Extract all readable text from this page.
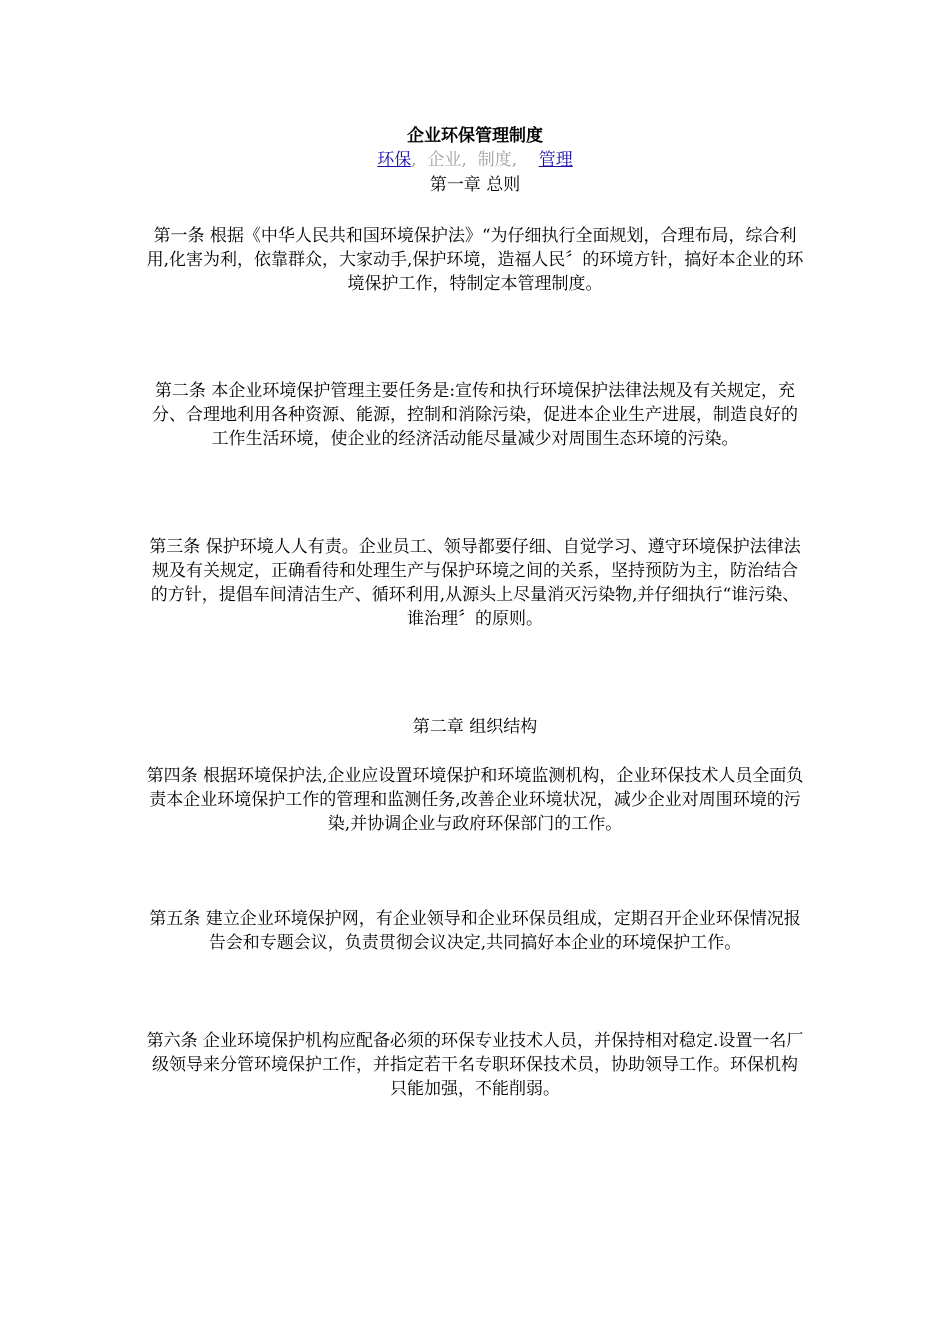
企业环保管理制度

环保, 企业, 制度, 管理

第一章 总则

第一条 根据《中华人民共和国环境保护法》“为仔细执行全面规划，合理布局，综合利用,化害为利，依靠群众，大家动手,保护环境，造福人民〞的环境方针，搞好本企业的环境保护工作，特制定本管理制度。

第二条 本企业环境保护管理主要任务是:宣传和执行环境保护法律法规及有关规定，充分、合理地利用各种资源、能源，控制和消除污染，促进本企业生产进展，制造良好的工作生活环境，使企业的经济活动能尽量减少对周围生态环境的污染。

第三条 保护环境人人有责。企业员工、领导都要仔细、自觉学习、遵守环境保护法律法规及有关规定，正确看待和处理生产与保护环境之间的关系，坚持预防为主，防治结合的方针，提倡车间清洁生产、循环利用,从源头上尽量消灭污染物,并仔细执行“谁污染、谁治理〞的原则。

第二章 组织结构

第四条 根据环境保护法,企业应设置环境保护和环境监测机构，企业环保技术人员全面负责本企业环境保护工作的管理和监测任务,改善企业环境状况，减少企业对周围环境的污染,并协调企业与政府环保部门的工作。

第五条 建立企业环境保护网，有企业领导和企业环保员组成，定期召开企业环保情况报告会和专题会议，负责贯彻会议决定,共同搞好本企业的环境保护工作。

第六条 企业环境保护机构应配备必须的环保专业技术人员，并保持相对稳定.设置一名厂级领导来分管环境保护工作，并指定若干名专职环保技术员，协助领导工作。环保机构只能加强，不能削弱。
